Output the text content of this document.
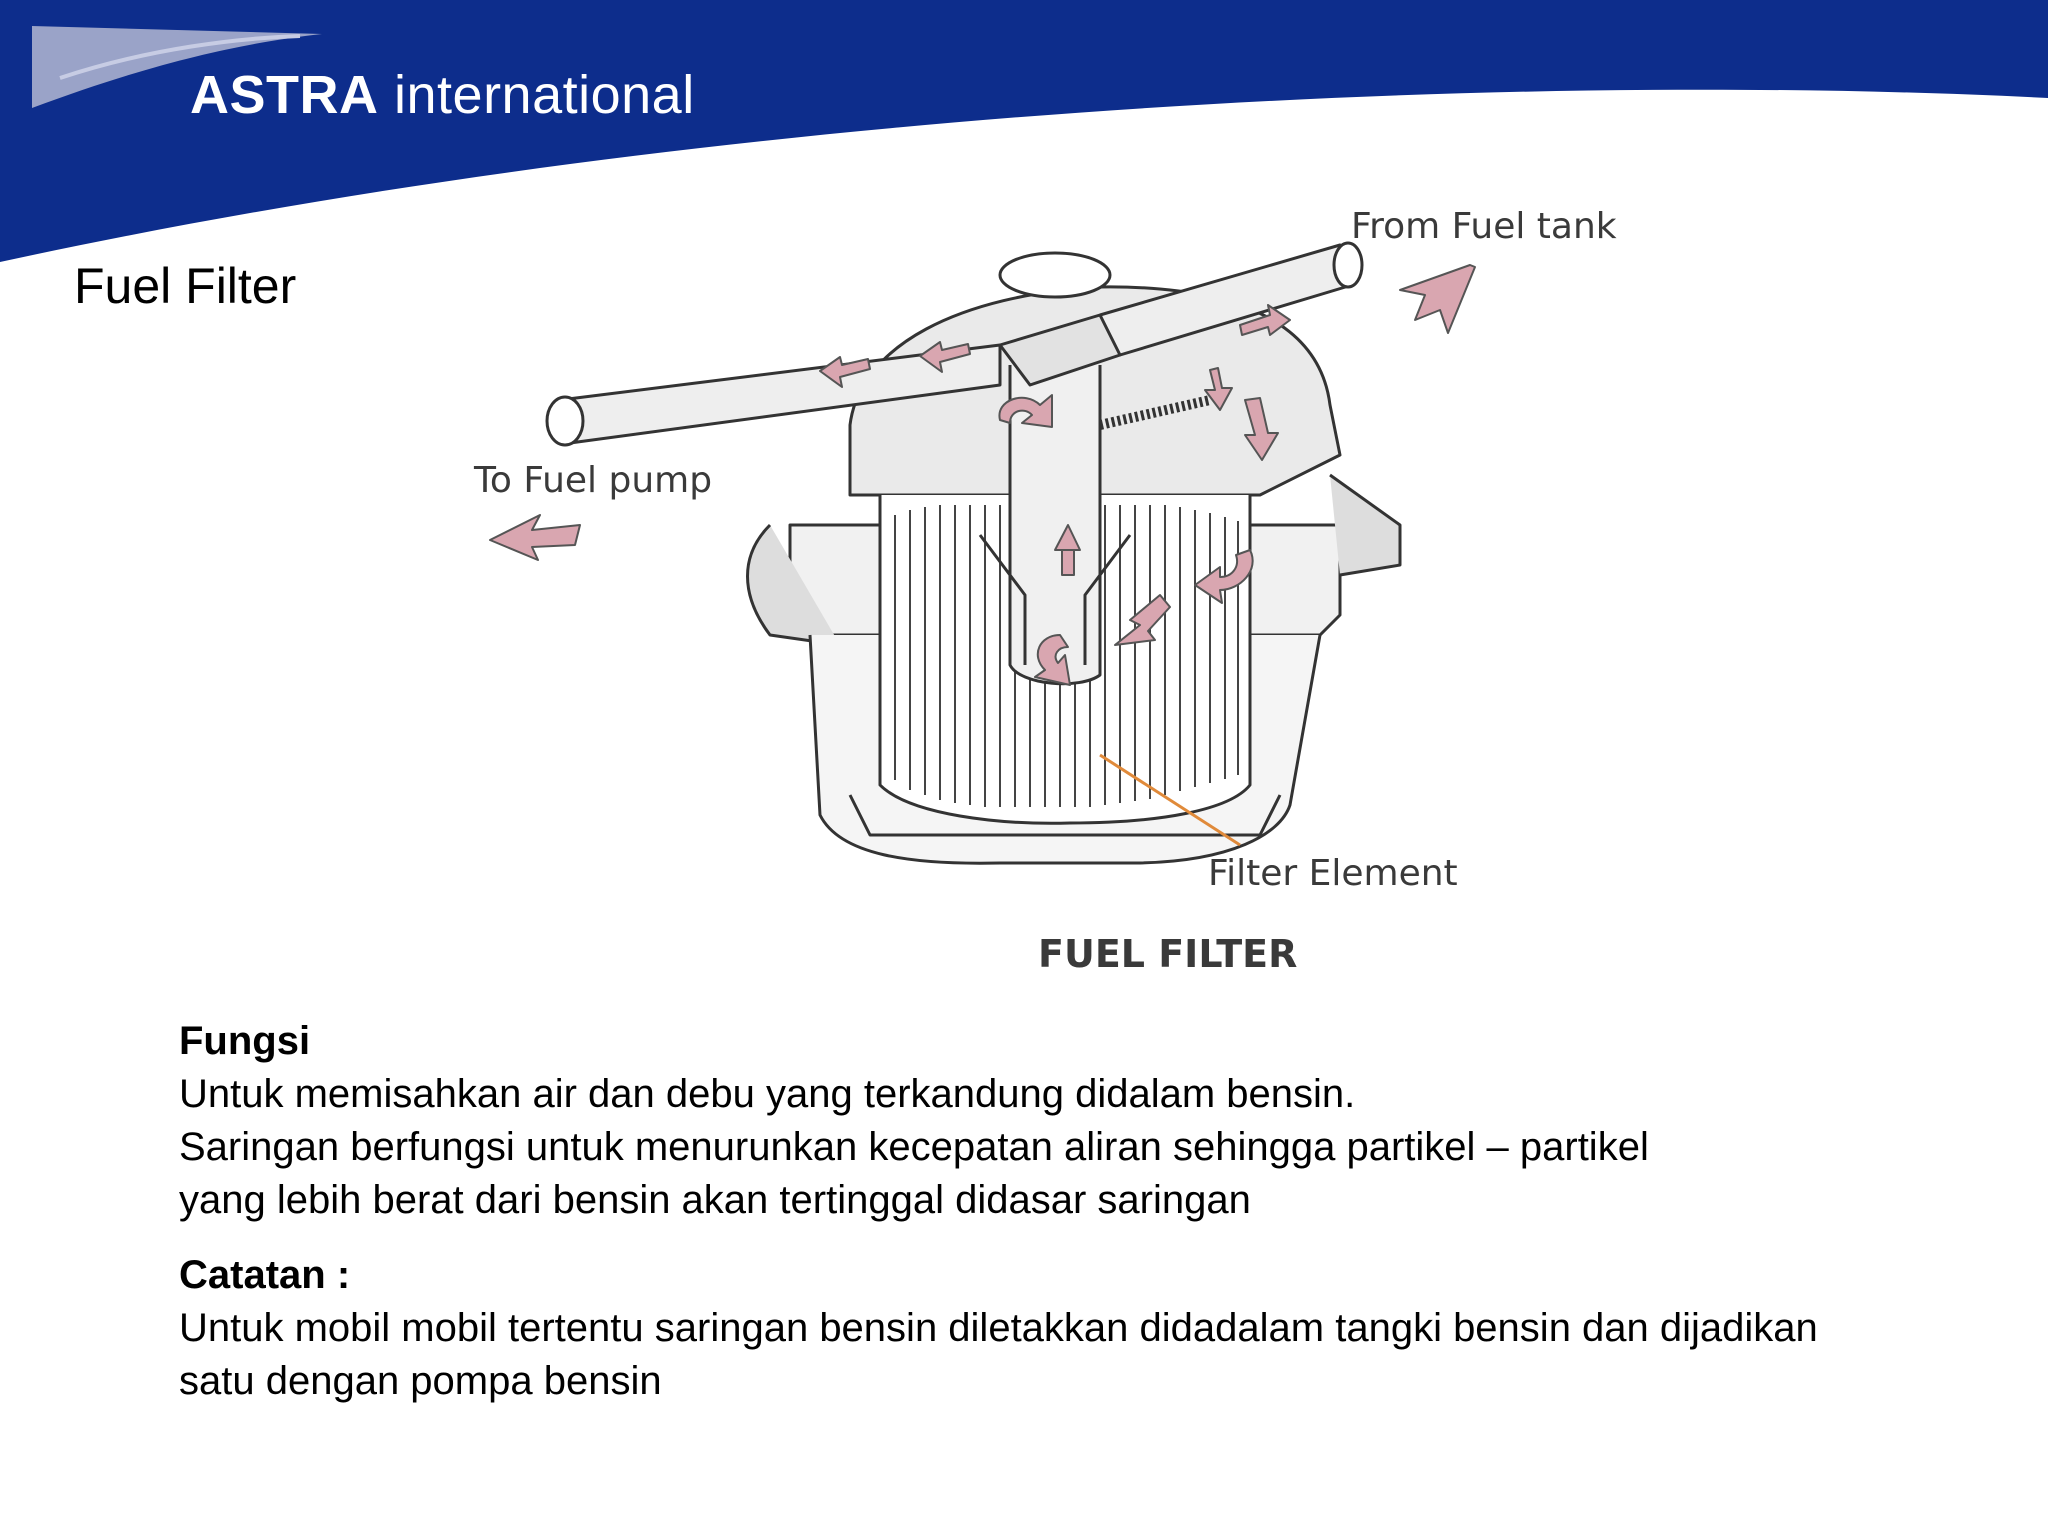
ASTRA international
Fuel Filter
From Fuel tank
To Fuel pump
Filter Element
FUEL FILTER

Fungsi

Untuk memisahkan air dan debu yang terkandung didalam bensin.

Saringan berfungsi untuk menurunkan kecepatan aliran sehingga partikel – partikel

yang lebih berat dari bensin akan tertinggal didasar saringan

Catatan :

Untuk mobil mobil tertentu saringan bensin diletakkan didadalam tangki bensin dan dijadikan

satu dengan pompa bensin
